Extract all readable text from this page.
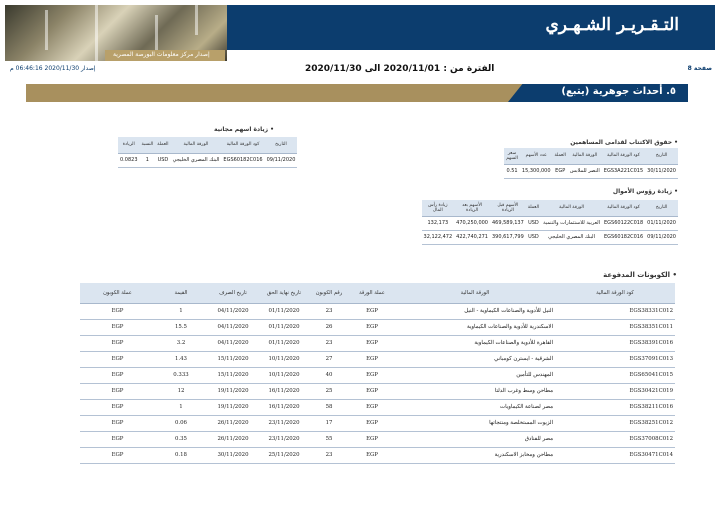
التـقـريـر الشـهـري
إصدار مركز معلومات البورصة المصرية
صفحة 8
الفترة من : 2020/11/01 الى 2020/11/30
إصدار 2020/11/30 06:46:16 م
٥. أحداث جوهرية (يتبع)
• حقوق الاكتتاب لقدامى المساهمين
التاريخ	كود الورقة المالية	الورقة المالية	العملة	عدد الأسهم	سعر السهم
30/11/2020	EGS3A221C015	النصر للملابس	EGP	15,300,000	0.51
• زيادة رؤوس الأموال
التاريخ	كود الورقة المالية	الورقة المالية	العملة	الأسهم قبل الزيادة	الأسهم بعد الزيادة	زيادة رأس المال
01/11/2020	EGS60122C018	العربية للاستثمارات والتنمية	USD	469,589,137	470,250,000	132,173
09/11/2020	EGS60182C016	البنك المصري الخليجي	USD	390,617,799	422,740,271	32,122,472
• زيادة اسهم مجانية
التاريخ	كود الورقة المالية	الورقة المالية	العملة	النسبة	الزيادة
09/11/2020	EGS60182C016	البنك المصري الخليجي	USD	1	0.0823
• الكوبونات المدفوعة
كود الورقة المالية	الورقة المالية	عملة الورقة	رقم الكوبون	تاريخ نهاية الحق	تاريخ الصرف	القيمة	عملة الكوبون
EGS38331C012	النيل للأدوية والصناعات الكيماوية - النيل	EGP	23	01/11/2020	04/11/2020	1	EGP
EGS38351C011	الاسكندرية للأدوية والصناعات الكيماوية	EGP	26	01/11/2020	04/11/2020	15.5	EGP
EGS38391C016	القاهرة للأدوية والصناعات الكيماوية	EGP	23	01/11/2020	04/11/2020	3.2	EGP
EGS37091C013	الشرقية - ايسترن كومباني	EGP	27	10/11/2020	15/11/2020	1.43	EGP
EGS65041C015	المهندس للتأمين	EGP	40	10/11/2020	15/11/2020	0.333	EGP
EGS30421C019	مطاحن وسط وغرب الدلتا	EGP	25	16/11/2020	19/11/2020	12	EGP
EGS38211C016	مصر لصناعة الكيماويات	EGP	58	16/11/2020	19/11/2020	1	EGP
EGS38251C012	الزيوت المستخلصة ومنتجاتها	EGP	17	23/11/2020	26/11/2020	0.06	EGP
EGS37008C012	مصر للفنادق	EGP	55	23/11/2020	26/11/2020	0.35	EGP
EGS30471C014	مطاحن ومخابز الاسكندرية	EGP	23	25/11/2020	30/11/2020	0.18	EGP
